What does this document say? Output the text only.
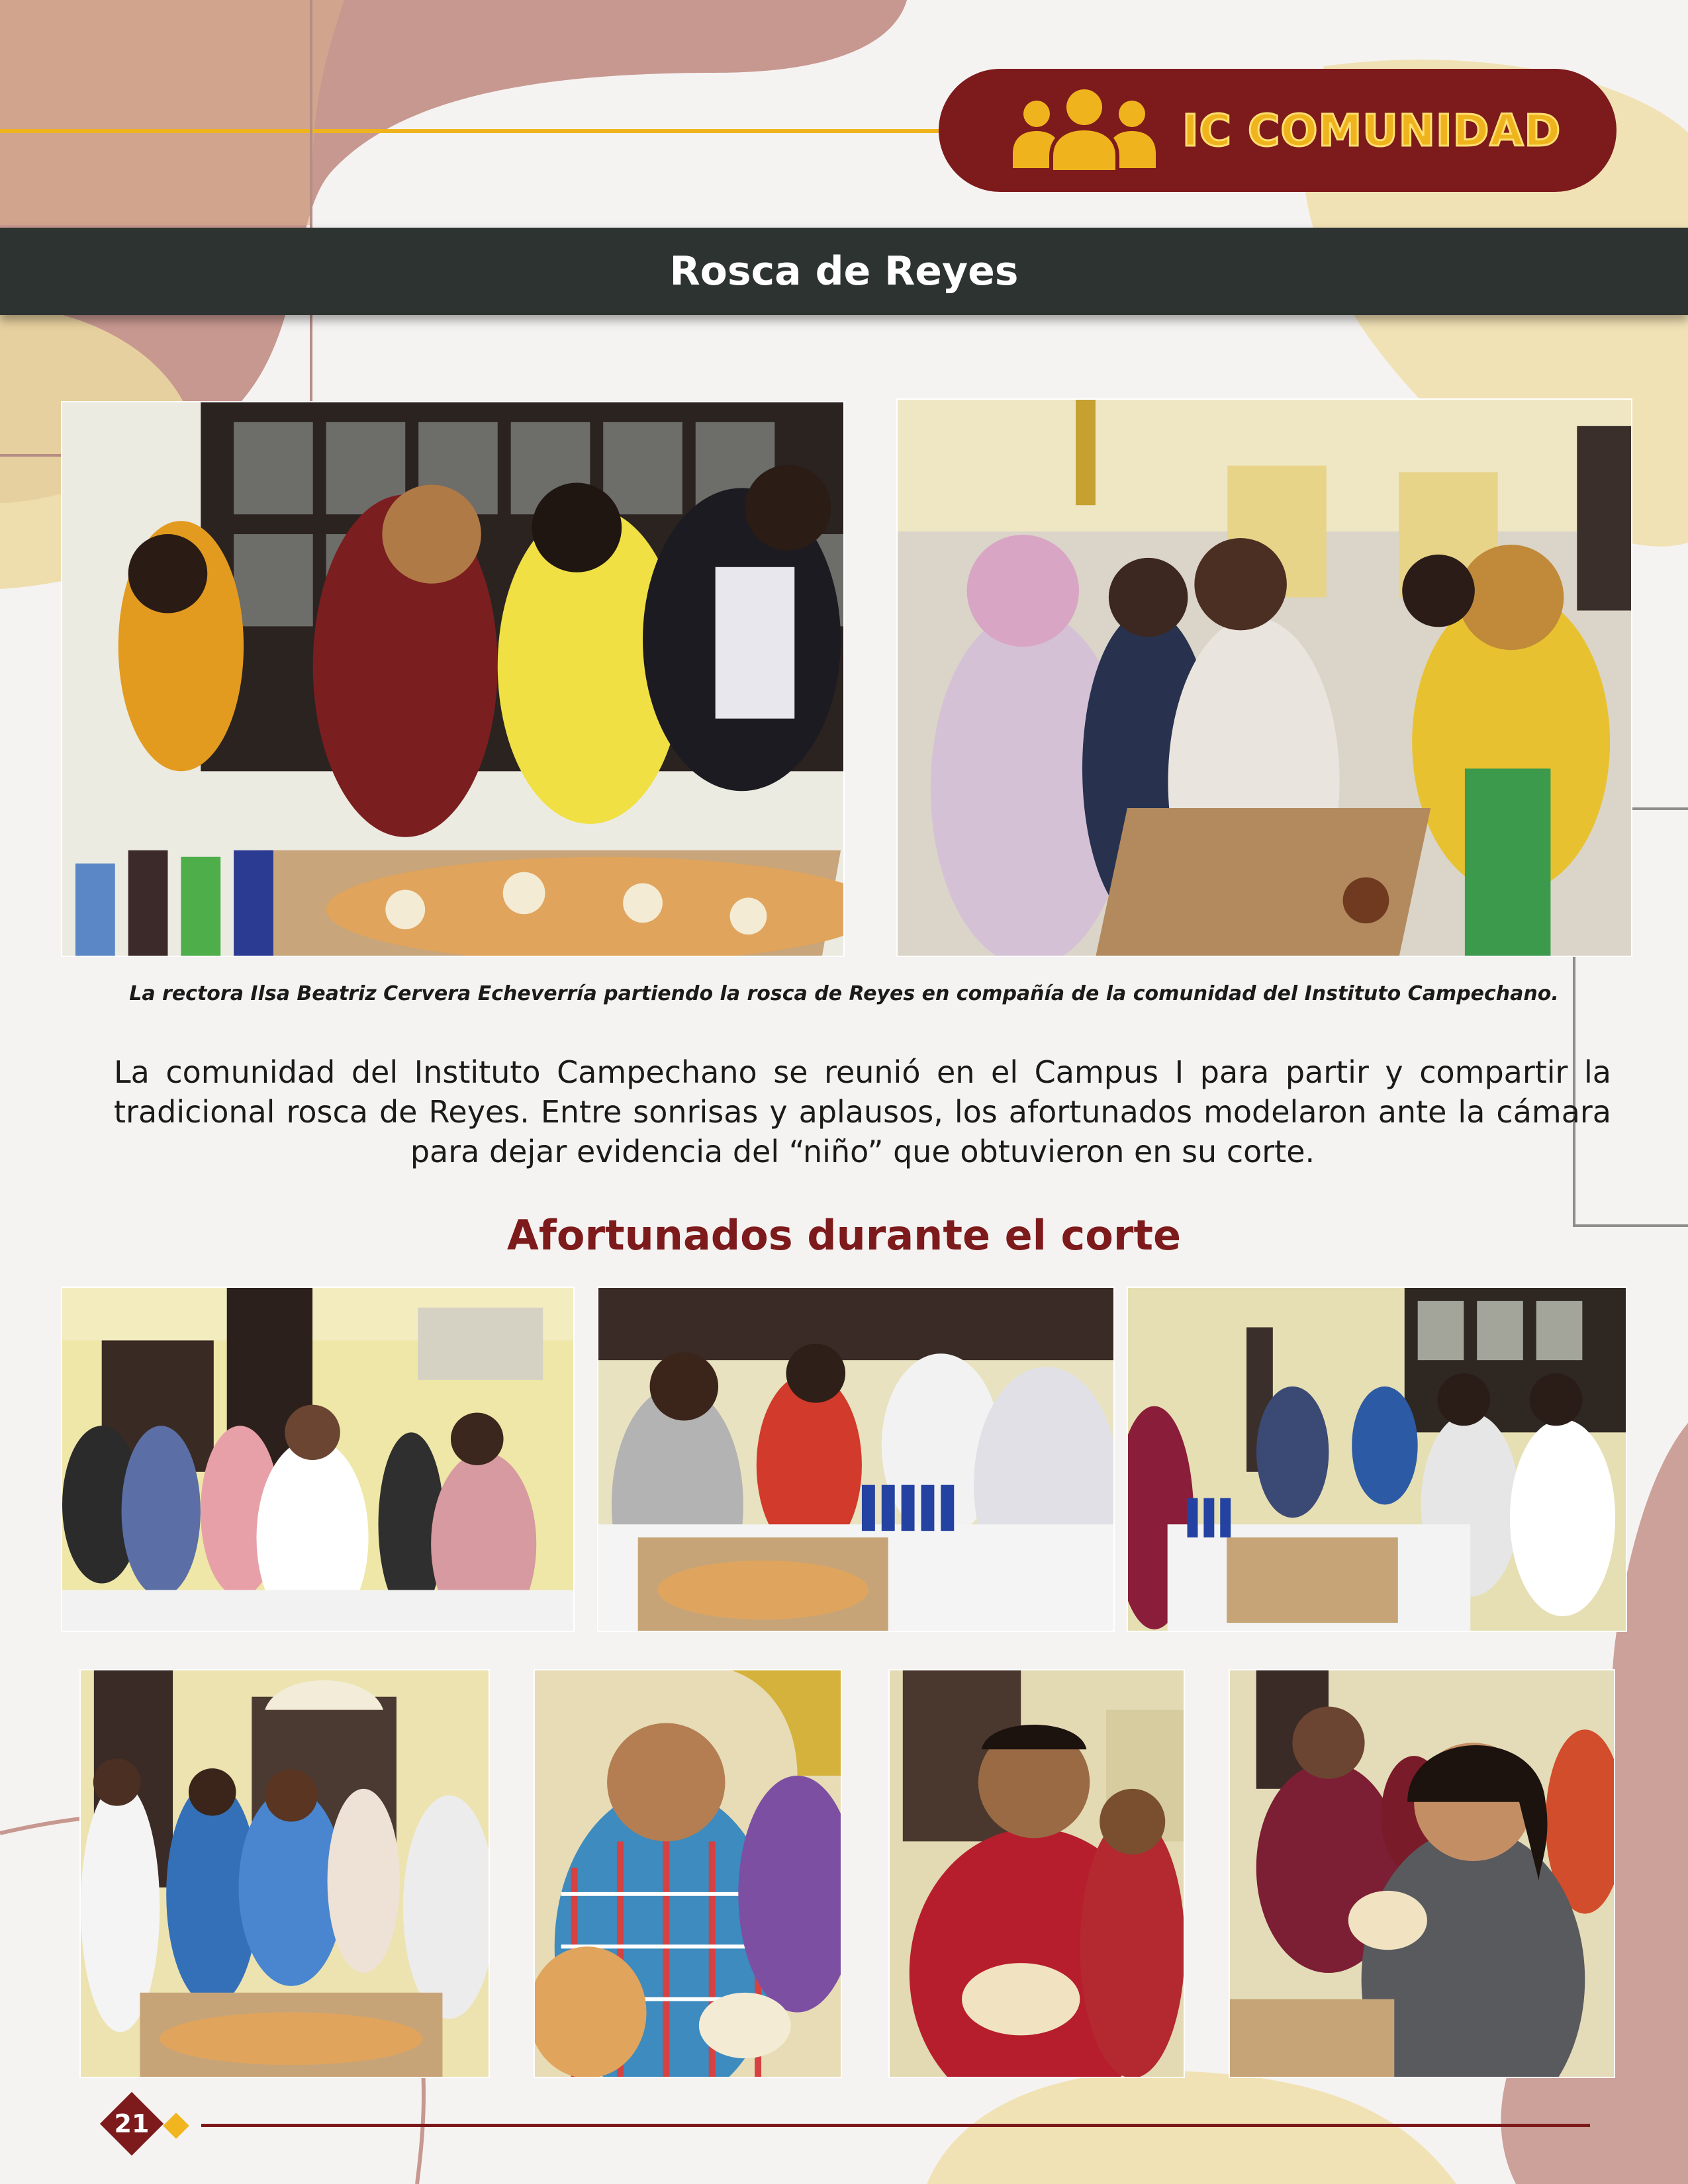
IC COMUNIDAD
Rosca de Reyes
La rectora Ilsa Beatriz Cervera Echeverría partiendo la rosca de Reyes en compañía de la comunidad del Instituto Campechano.
La comunidad del Instituto Campechano se reunió en el Campus I para partir y compartir la tradicional rosca de Reyes. Entre sonrisas y aplausos, los afortunados modelaron ante la cámara para dejar evidencia del “niño” que obtuvieron en su corte.
Afortunados durante el corte
21
